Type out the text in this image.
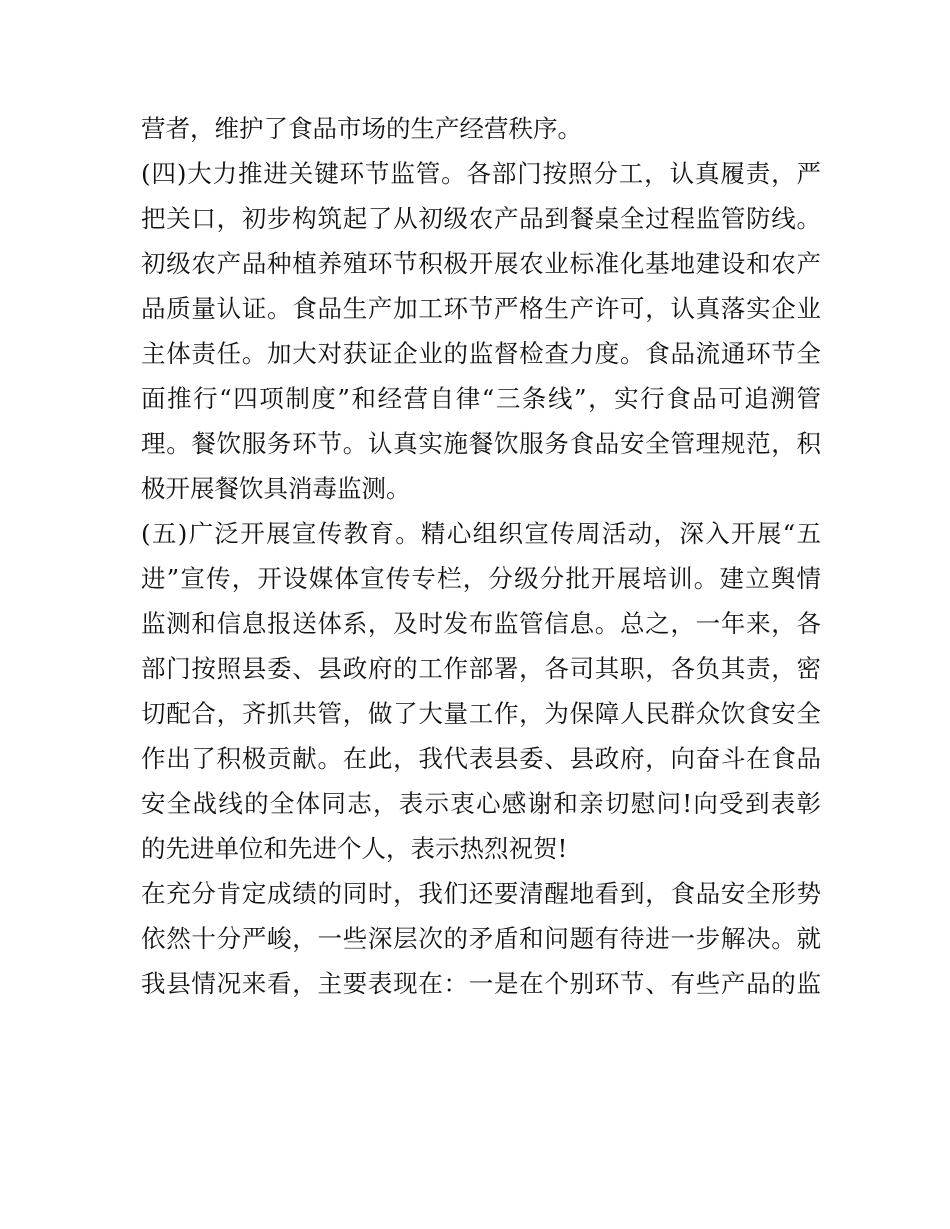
营者，维护了食品市场的生产经营秩序。
(四)大力推进关键环节监管。各部门按照分工，认真履责，严
把关口，初步构筑起了从初级农产品到餐桌全过程监管防线。
初级农产品种植养殖环节积极开展农业标准化基地建设和农产
品质量认证。食品生产加工环节严格生产许可，认真落实企业
主体责任。加大对获证企业的监督检查力度。食品流通环节全
面推行“四项制度”和经营自律“三条线”，实行食品可追溯管
理。餐饮服务环节。认真实施餐饮服务食品安全管理规范，积
极开展餐饮具消毒监测。
(五)广泛开展宣传教育。精心组织宣传周活动，深入开展“五
进”宣传，开设媒体宣传专栏，分级分批开展培训。建立舆情
监测和信息报送体系，及时发布监管信息。总之，一年来，各
部门按照县委、县政府的工作部署，各司其职，各负其责，密
切配合，齐抓共管，做了大量工作，为保障人民群众饮食安全
作出了积极贡献。在此，我代表县委、县政府，向奋斗在食品
安全战线的全体同志，表示衷心感谢和亲切慰问!向受到表彰
的先进单位和先进个人，表示热烈祝贺!
在充分肯定成绩的同时，我们还要清醒地看到，食品安全形势
依然十分严峻，一些深层次的矛盾和问题有待进一步解决。就
我县情况来看，主要表现在：一是在个别环节、有些产品的监
